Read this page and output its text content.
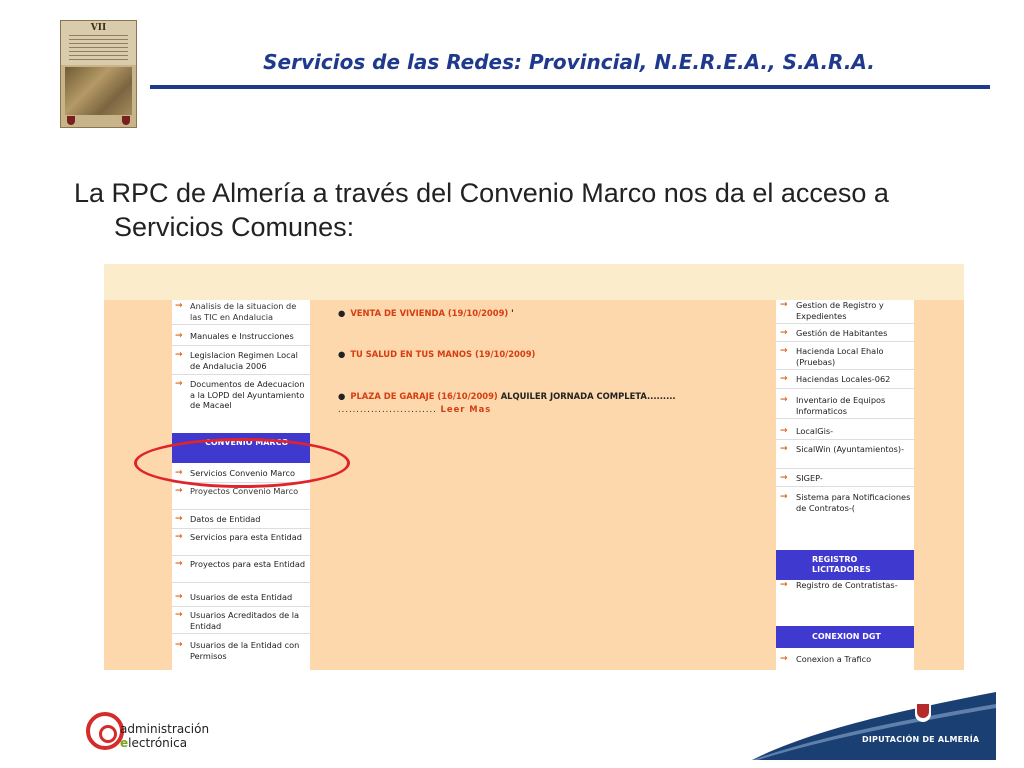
VII
Servicios de las Redes: Provincial, N.E.R.E.A., S.A.R.A.
La RPC de Almería a través del Convenio Marco nos da el acceso a Servicios Comunes:
→ Analisis de la situacion de las TIC en Andalucia
→ Manuales e Instrucciones
→ Legislacion Regimen Local de Andalucia 2006
→ Documentos de Adecuacion a la LOPD del Ayuntamiento de Macael
CONVENIO MARCO
→ Servicios Convenio Marco
→ Proyectos Convenio Marco
→ Datos de Entidad
→ Servicios para esta Entidad
→ Proyectos para esta Entidad
→ Usuarios de esta Entidad
→ Usuarios Acreditados de la Entidad
→ Usuarios de la Entidad con Permisos
● VENTA DE VIVIENDA (19/10/2009) '
● TU SALUD EN TUS MANOS (19/10/2009)
● PLAZA DE GARAJE (16/10/2009) ALQUILER JORNADA COMPLETA.........
........................... Leer Mas
→ Gestion de Registro y Expedientes
→ Gestión de Habitantes
→ Hacienda Local Ehalo (Pruebas)
→ Haciendas Locales-062
→ Inventario de Equipos Informaticos
→ LocalGis-
→ SicalWin (Ayuntamientos)-
→ SIGEP-
→ Sistema para Notificaciones de Contratos-(
REGISTRO LICITADORES
→ Registro de Contratistas-
CONEXION DGT
→ Conexion a Trafico
administración
electrónica	DIPUTACIÓN DE ALMERÍA
